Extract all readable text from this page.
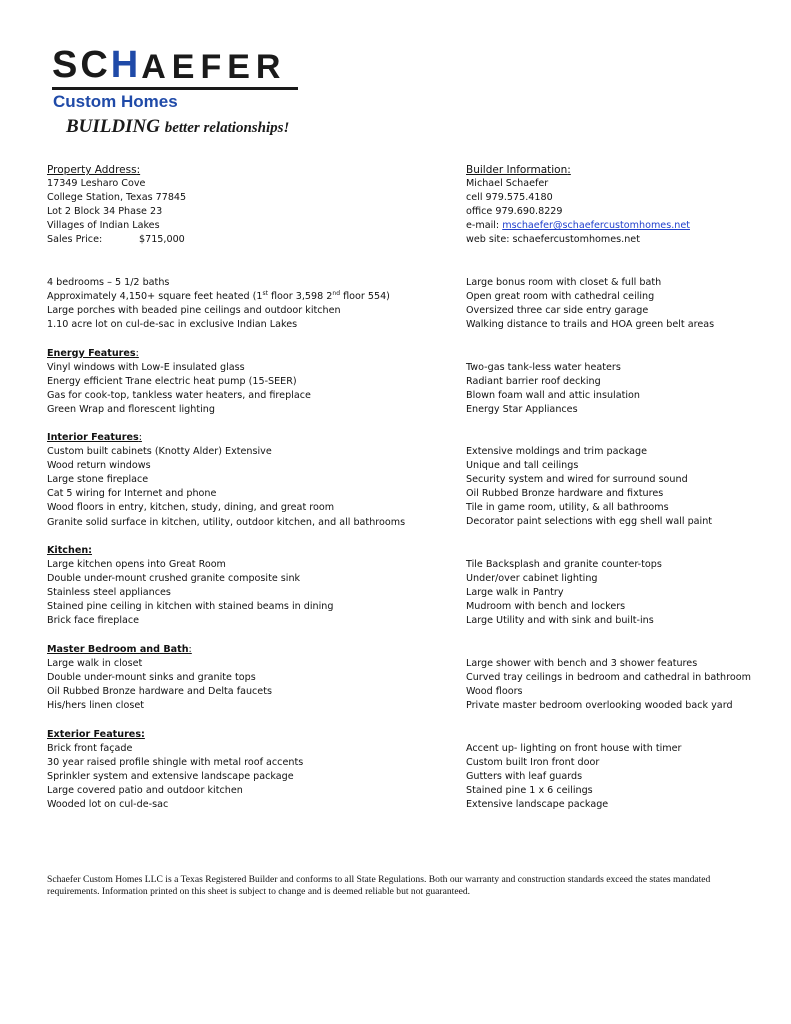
SC H AEFER
Custom Homes
BUILDING better relationships!
Property Address:
17349 Lesharo Cove
College Station, Texas 77845
Lot 2 Block 34 Phase 23
Villages of Indian Lakes
Sales Price:	$715,000
Builder Information:
Michael Schaefer
cell 979.575.4180
office 979.690.8229
e-mail: mschaefer@schaefercustomhomes.net
web site: schaefercustomhomes.net
4 bedrooms – 5 1/2 baths
Approximately 4,150+ square feet heated (1st floor 3,598 2nd floor 554)
Large porches with beaded pine ceilings and outdoor kitchen
1.10 acre lot on cul-de-sac in exclusive Indian Lakes
Large bonus room with closet & full bath
Open great room with cathedral ceiling
Oversized three car side entry garage
Walking distance to trails and HOA green belt areas
Energy Features:
Vinyl windows with Low-E insulated glass
Energy efficient Trane electric heat pump (15-SEER)
Gas for cook-top, tankless water heaters, and fireplace
Green Wrap and florescent lighting
Two-gas tank-less water heaters
Radiant barrier roof decking
Blown foam wall and attic insulation
Energy Star Appliances
Interior Features:
Custom built cabinets (Knotty Alder) Extensive
Wood return windows
Large stone fireplace
Cat 5 wiring for Internet and phone
Wood floors in entry, kitchen, study, dining, and great room
Granite solid surface in kitchen, utility, outdoor kitchen, and all bathrooms
Extensive moldings and trim package
Unique and tall ceilings
Security system and wired for surround sound
Oil Rubbed Bronze hardware and fixtures
Tile in game room, utility, & all bathrooms
Decorator paint selections with egg shell wall paint
Kitchen:
Large kitchen opens into Great Room
Double under-mount crushed granite composite sink
Stainless steel appliances
Stained pine ceiling in kitchen with stained beams in dining
Brick face fireplace
Tile Backsplash and granite counter-tops
Under/over cabinet lighting
Large walk in Pantry
Mudroom with bench and lockers
Large Utility and with sink and built-ins
Master Bedroom and Bath:
Large walk in closet
Double under-mount sinks and granite tops
Oil Rubbed Bronze hardware and Delta faucets
His/hers linen closet
Large shower with bench and 3 shower features
Curved tray ceilings in bedroom and cathedral in bathroom
Wood floors
Private master bedroom overlooking wooded back yard
Exterior Features:
Brick front façade
30 year raised profile shingle with metal roof accents
Sprinkler system and extensive landscape package
Large covered patio and outdoor kitchen
Wooded lot on cul-de-sac
Accent up- lighting on front house with timer
Custom built Iron front door
Gutters with leaf guards
Stained pine 1 x 6 ceilings
Extensive landscape package
Schaefer Custom Homes LLC is a Texas Registered Builder and conforms to all State Regulations. Both our warranty and construction standards exceed the states mandated requirements. Information printed on this sheet is subject to change and is deemed reliable but not guaranteed.
